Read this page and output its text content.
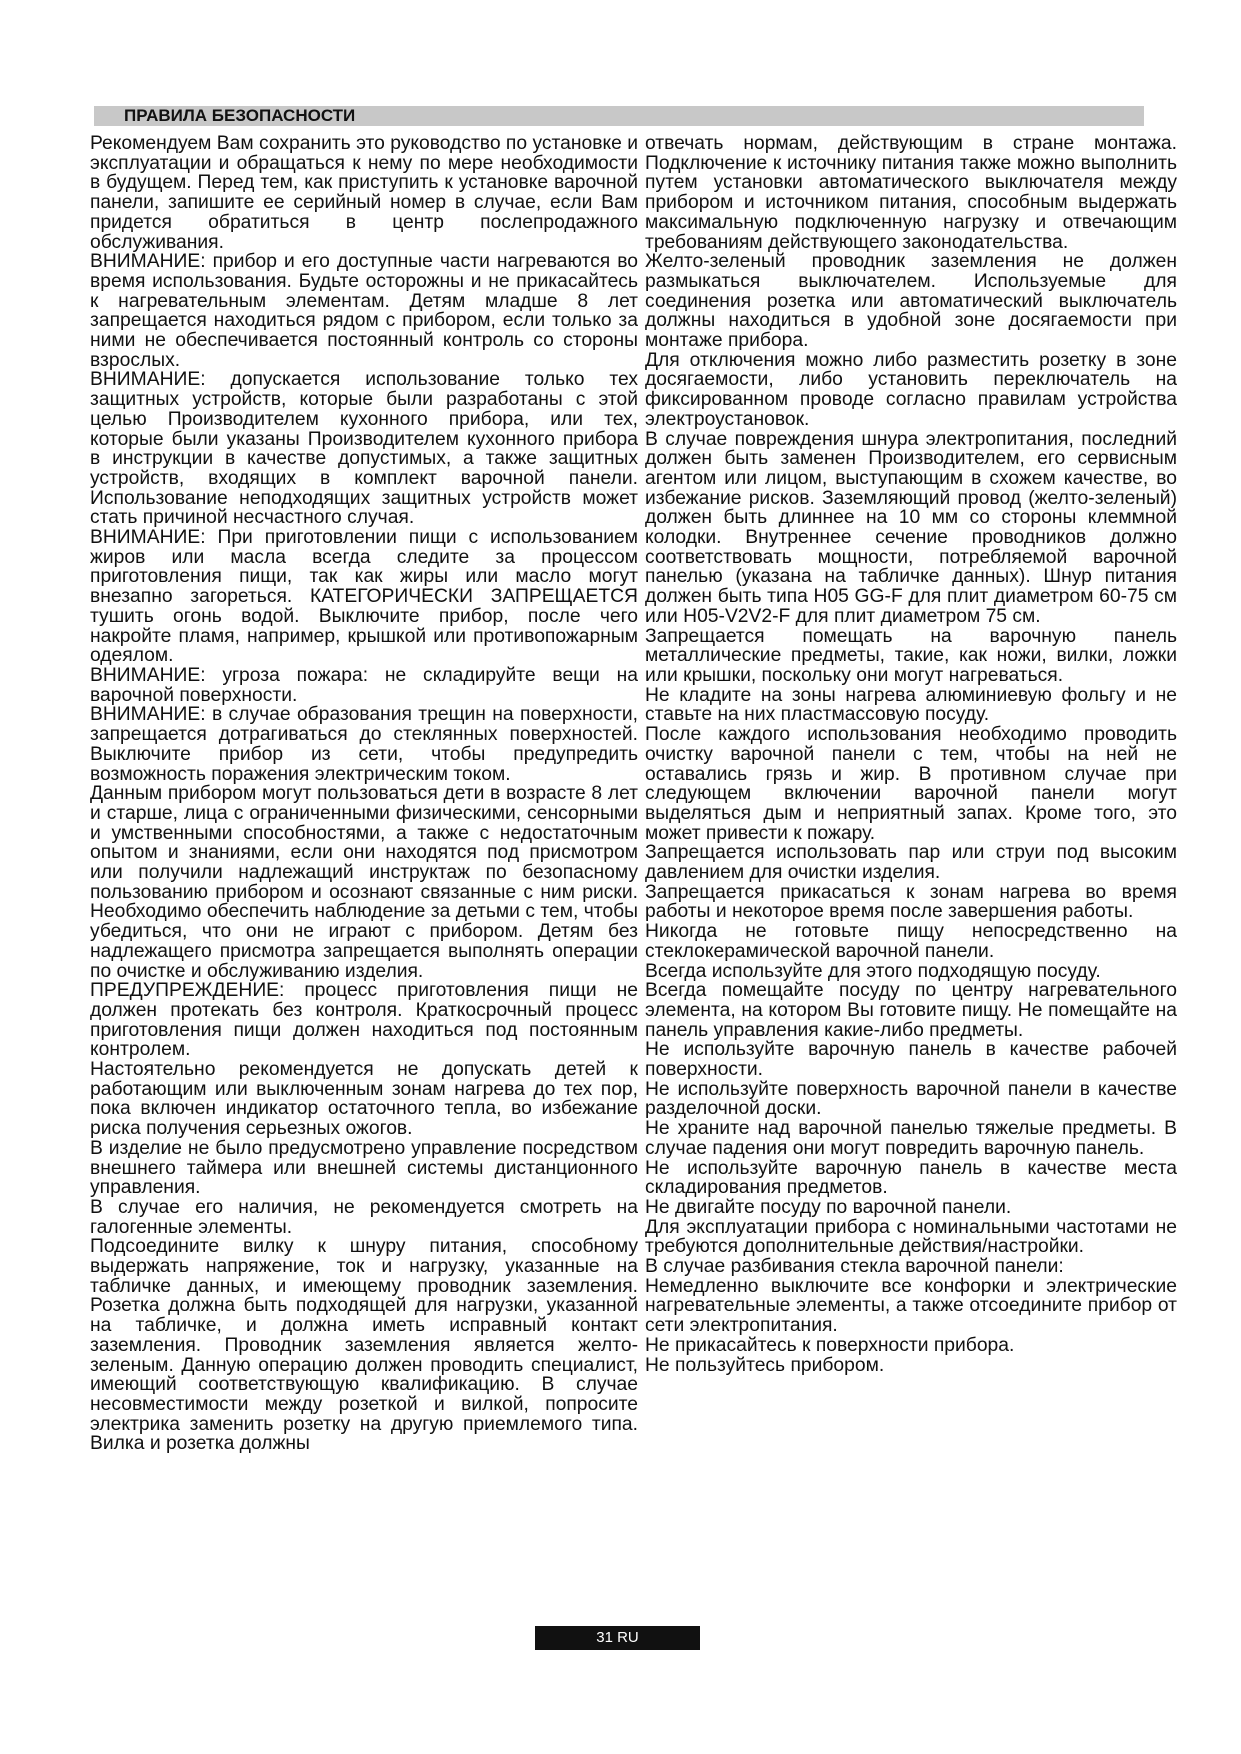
ПРАВИЛА БЕЗОПАСНОСТИ

Рекомендуем Вам сохранить это руководство по установке и эксплуатации и обращаться к нему по мере необходимости в будущем. Перед тем, как приступить к установке варочной панели, запишите ее серийный номер в случае, если Вам придется обратиться в центр послепродажного обслуживания.

ВНИМАНИЕ: прибор и его доступные части нагреваются во время использования. Будьте осторожны и не прикасайтесь к нагревательным элементам. Детям младше 8 лет запрещается находиться рядом с прибором, если только за ними не обеспечивается постоянный контроль со стороны взрослых.

ВНИМАНИЕ: допускается использование только тех защитных устройств, которые были разработаны с этой целью Производителем кухонного прибора, или тех, которые были указаны Производителем кухонного прибора в инструкции в качестве допустимых, а также защитных устройств, входящих в комплект варочной панели. Использование неподходящих защитных устройств может стать причиной несчастного случая.

ВНИМАНИЕ: При приготовлении пищи с использованием жиров или масла всегда следите за процессом приготовления пищи, так как жиры или масло могут внезапно загореться. КАТЕГОРИЧЕСКИ ЗАПРЕЩАЕТСЯ тушить огонь водой. Выключите прибор, после чего накройте пламя, например, крышкой или противопожарным одеялом.

ВНИМАНИЕ: угроза пожара: не складируйте вещи на варочной поверхности.

ВНИМАНИЕ: в случае образования трещин на поверхности, запрещается дотрагиваться до стеклянных поверхностей. Выключите прибор из сети, чтобы предупредить возможность поражения электрическим током.

Данным прибором могут пользоваться дети в возрасте 8 лет и старше, лица с ограниченными физическими, сенсорными и умственными способностями, а также с недостаточным опытом и знаниями, если они находятся под присмотром или получили надлежащий инструктаж по безопасному пользованию прибором и осознают связанные с ним риски. Необходимо обеспечить наблюдение за детьми с тем, чтобы убедиться, что они не играют с прибором. Детям без надлежащего присмотра запрещается выполнять операции по очистке и обслуживанию изделия.

ПРЕДУПРЕЖДЕНИЕ: процесс приготовления пищи не должен протекать без контроля. Краткосрочный процесс приготовления пищи должен находиться под постоянным контролем.

Настоятельно рекомендуется не допускать детей к работающим или выключенным зонам нагрева до тех пор, пока включен индикатор остаточного тепла, во избежание риска получения серьезных ожогов.

В изделие не было предусмотрено управление посредством внешнего таймера или внешней системы дистанционного управления.

В случае его наличия, не рекомендуется смотреть на галогенные элементы.

Подсоедините вилку к шнуру питания, способному выдержать напряжение, ток и нагрузку, указанные на табличке данных, и имеющему проводник заземления. Розетка должна быть подходящей для нагрузки, указанной на табличке, и должна иметь исправный контакт заземления. Проводник заземления является желто-зеленым. Данную операцию должен проводить специалист, имеющий соответствующую квалификацию. В случае несовместимости между розеткой и вилкой, попросите электрика заменить розетку на другую приемлемого типа. Вилка и розетка должны

отвечать нормам, действующим в стране монтажа. Подключение к источнику питания также можно выполнить путем установки автоматического выключателя между прибором и источником питания, способным выдержать максимальную подключенную нагрузку и отвечающим требованиям действующего законодательства.

Желто-зеленый проводник заземления не должен размыкаться выключателем. Используемые для соединения розетка или автоматический выключатель должны находиться в удобной зоне досягаемости при монтаже прибора.

Для отключения можно либо разместить розетку в зоне досягаемости, либо установить переключатель на фиксированном проводе согласно правилам устройства электроустановок.

В случае повреждения шнура электропитания, последний должен быть заменен Производителем, его сервисным агентом или лицом, выступающим в схожем качестве, во избежание рисков. Заземляющий провод (желто-зеленый) должен быть длиннее на 10 мм со стороны клеммной колодки. Внутреннее сечение проводников должно соответствовать мощности, потребляемой варочной панелью (указана на табличке данных). Шнур питания должен быть типа H05 GG-F для плит диаметром 60-75 см или H05-V2V2-F для плит диаметром 75 см.

Запрещается помещать на варочную панель металлические предметы, такие, как ножи, вилки, ложки или крышки, поскольку они могут нагреваться.

Не кладите на зоны нагрева алюминиевую фольгу и не ставьте на них пластмассовую посуду.

После каждого использования необходимо проводить очистку варочной панели с тем, чтобы на ней не оставались грязь и жир. В противном случае при следующем включении варочной панели могут выделяться дым и неприятный запах. Кроме того, это может привести к пожару.

Запрещается использовать пар или струи под высоким давлением для очистки изделия.

Запрещается прикасаться к зонам нагрева во время работы и некоторое время после завершения работы.

Никогда не готовьте пищу непосредственно на стеклокерамической варочной панели.

Всегда используйте для этого подходящую посуду.

Всегда помещайте посуду по центру нагревательного элемента, на котором Вы готовите пищу. Не помещайте на панель управления какие-либо предметы.

Не используйте варочную панель в качестве рабочей поверхности.

Не используйте поверхность варочной панели в качестве разделочной доски.

Не храните над варочной панелью тяжелые предметы. В случае падения они могут повредить варочную панель.

Не используйте варочную панель в качестве места складирования предметов.

Не двигайте посуду по варочной панели.

Для эксплуатации прибора с номинальными частотами не требуются дополнительные действия/настройки.

В случае разбивания стекла варочной панели:

Немедленно выключите все конфорки и электрические нагревательные элементы, а также отсоедините прибор от сети электропитания.

Не прикасайтесь к поверхности прибора.

Не пользуйтесь прибором.

31 RU
